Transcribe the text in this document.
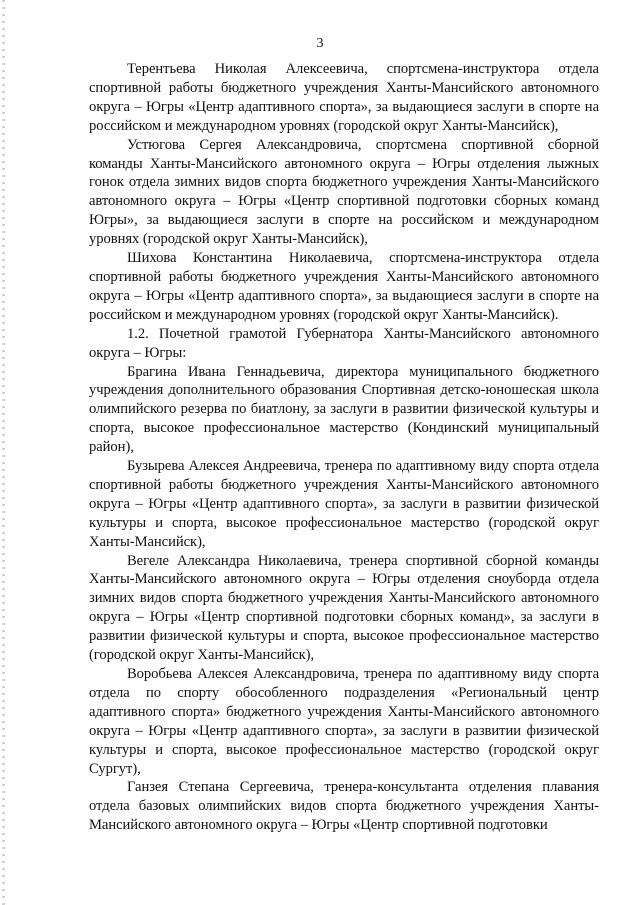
3

Терентьева Николая Алексеевича, спортсмена-инструктора отдела спортивной работы бюджетного учреждения Ханты-Мансийского автономного округа – Югры «Центр адаптивного спорта», за выдающиеся заслуги в спорте на российском и международном уровнях (городской округ Ханты-Мансийск),

Устюгова Сергея Александровича, спортсмена спортивной сборной команды Ханты-Мансийского автономного округа – Югры отделения лыжных гонок отдела зимних видов спорта бюджетного учреждения Ханты-Мансийского автономного округа – Югры «Центр спортивной подготовки сборных команд Югры», за выдающиеся заслуги в спорте на российском и международном уровнях (городской округ Ханты-Мансийск),

Шихова Константина Николаевича, спортсмена-инструктора отдела спортивной работы бюджетного учреждения Ханты-Мансийского автономного округа – Югры «Центр адаптивного спорта», за выдающиеся заслуги в спорте на российском и международном уровнях (городской округ Ханты-Мансийск).

1.2. Почетной грамотой Губернатора Ханты-Мансийского автономного округа – Югры:

Брагина Ивана Геннадьевича, директора муниципального бюджетного учреждения дополнительного образования Спортивная детско-юношеская школа олимпийского резерва по биатлону, за заслуги в развитии физической культуры и спорта, высокое профессиональное мастерство (Кондинский муниципальный район),

Бузырева Алексея Андреевича, тренера по адаптивному виду спорта отдела спортивной работы бюджетного учреждения Ханты-Мансийского автономного округа – Югры «Центр адаптивного спорта», за заслуги в развитии физической культуры и спорта, высокое профессиональное мастерство (городской округ Ханты-Мансийск),

Вегеле Александра Николаевича, тренера спортивной сборной команды Ханты-Мансийского автономного округа – Югры отделения сноуборда отдела зимних видов спорта бюджетного учреждения Ханты-Мансийского автономного округа – Югры «Центр спортивной подготовки сборных команд», за заслуги в развитии физической культуры и спорта, высокое профессиональное мастерство (городской округ Ханты-Мансийск),

Воробьева Алексея Александровича, тренера по адаптивному виду спорта отдела по спорту обособленного подразделения «Региональный центр адаптивного спорта» бюджетного учреждения Ханты-Мансийского автономного округа – Югры «Центр адаптивного спорта», за заслуги в развитии физической культуры и спорта, высокое профессиональное мастерство (городской округ Сургут),

Ганзея Степана Сергеевича, тренера-консультанта отделения плавания отдела базовых олимпийских видов спорта бюджетного учреждения Ханты-Мансийского автономного округа – Югры «Центр спортивной подготовки
